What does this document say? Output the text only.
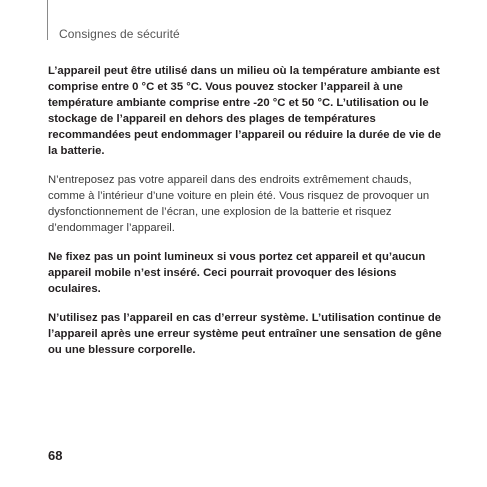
Consignes de sécurité

L’appareil peut être utilisé dans un milieu où la température ambiante est comprise entre 0 °C et 35 °C. Vous pouvez stocker l’appareil à une température ambiante comprise entre -20 °C et 50 °C. L’utilisation ou le stockage de l’appareil en dehors des plages de températures recommandées peut endommager l’appareil ou réduire la durée de vie de la batterie.

N’entreposez pas votre appareil dans des endroits extrêmement chauds, comme à l’intérieur d’une voiture en plein été. Vous risquez de provoquer un dysfonctionnement de l’écran, une explosion de la batterie et risquez d’endommager l’appareil.

Ne fixez pas un point lumineux si vous portez cet appareil et qu’aucun appareil mobile n’est inséré. Ceci pourrait provoquer des lésions oculaires.

N’utilisez pas l’appareil en cas d’erreur système. L’utilisation continue de l’appareil après une erreur système peut entraîner une sensation de gêne ou une blessure corporelle.

68
